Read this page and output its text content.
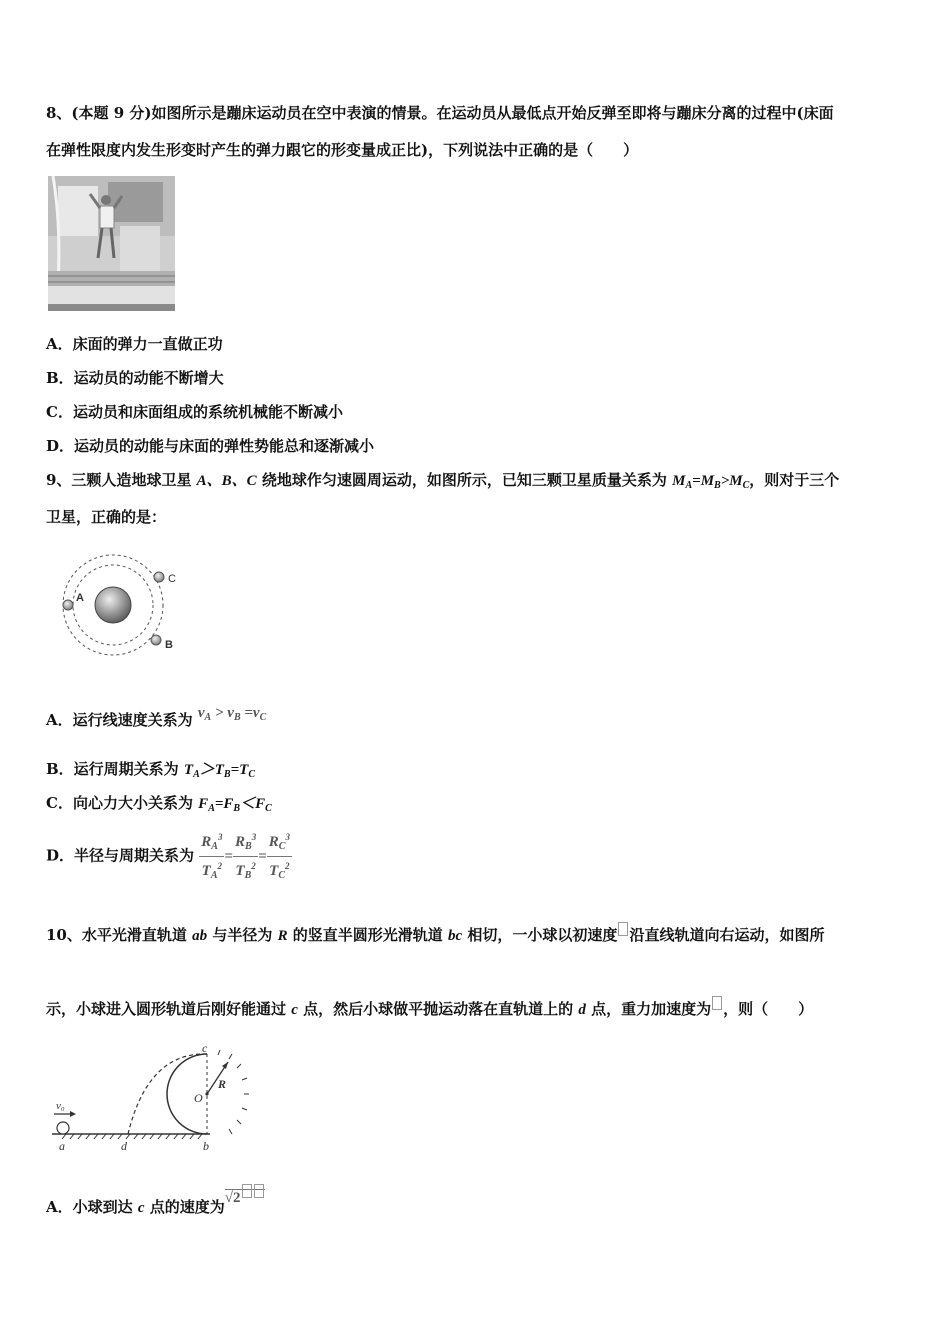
8、(本题 9 分)如图所示是蹦床运动员在空中表演的情景。在运动员从最低点开始反弹至即将与蹦床分离的过程中(床面
在弹性限度内发生形变时产生的弹力跟它的形变量成正比)，下列说法中正确的是（　　）
A．床面的弹力一直做正功
B．运动员的动能不断增大
C．运动员和床面组成的系统机械能不断减小
D．运动员的动能与床面的弹性势能总和逐渐减小
9、三颗人造地球卫星 A、B、C 绕地球作匀速圆周运动，如图所示，已知三颗卫星质量关系为 $M_A=M_B>M_C$，则对于三个
卫星，正确的是：
A
C
B
A．运行线速度关系为 $v_A > v_B =v_C$
B．运行周期关系为 $T_A>T_B=T_C$
C．向心力大小关系为 $F_A=F_B<F_C$
D．半径与周期关系为 $\frac{R_A^3}{T_A^2} = \frac{R_B^3}{T_B^2} = \frac{R_C^3}{T_C^2}$
10、水平光滑直轨道 ab 与半径为 R 的竖直半圆形光滑轨道 bc 相切，一小球以初速度 沿直线轨道向右运动，如图所
示，小球进入圆形轨道后刚好能通过 c 点，然后小球做平抛运动落在直轨道上的 d 点，重力加速度为 ，则（　　）
v₀
a	d	b
c
O
R
A．小球到达 c 点的速度为√2
